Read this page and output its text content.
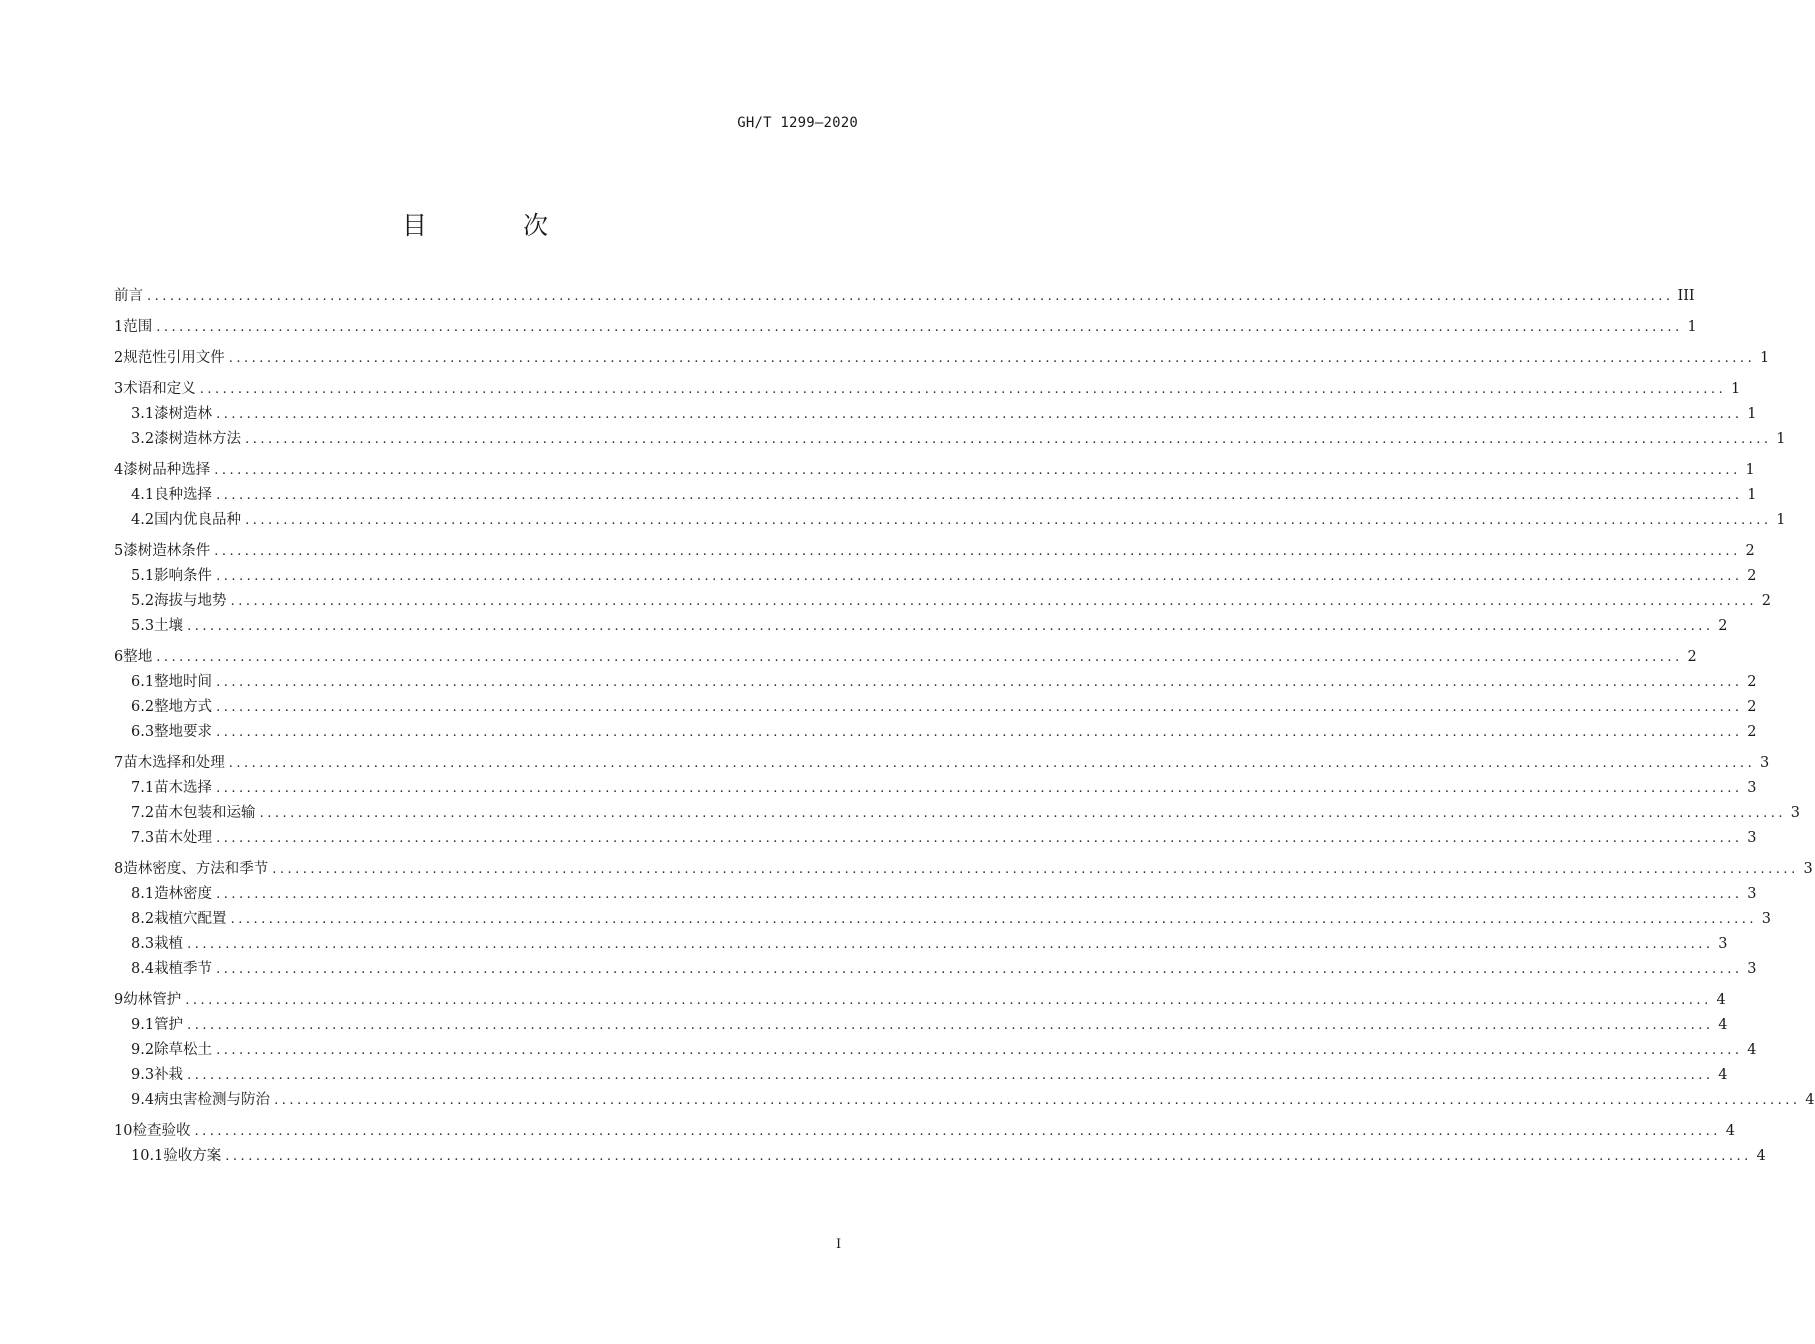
GH/T 1299—2020
目 次
前言 ........................................................................................................................................................................................................ III
1 范围 ........................................................................................................................................................................................................ 1
2 规范性引用文件 ........................................................................................................................................................................................................ 1
3 术语和定义 ........................................................................................................................................................................................................ 1
3.1 漆树造林 ........................................................................................................................................................................................................ 1
3.2 漆树造林方法 ........................................................................................................................................................................................................ 1
4 漆树品种选择 ........................................................................................................................................................................................................ 1
4.1 良种选择 ........................................................................................................................................................................................................ 1
4.2 国内优良品种 ........................................................................................................................................................................................................ 1
5 漆树造林条件 ........................................................................................................................................................................................................ 2
5.1 影响条件 ........................................................................................................................................................................................................ 2
5.2 海拔与地势 ........................................................................................................................................................................................................ 2
5.3 土壤 ........................................................................................................................................................................................................ 2
6 整地 ........................................................................................................................................................................................................ 2
6.1 整地时间 ........................................................................................................................................................................................................ 2
6.2 整地方式 ........................................................................................................................................................................................................ 2
6.3 整地要求 ........................................................................................................................................................................................................ 2
7 苗木选择和处理 ........................................................................................................................................................................................................ 3
7.1 苗木选择 ........................................................................................................................................................................................................ 3
7.2 苗木包装和运输 ........................................................................................................................................................................................................ 3
7.3 苗木处理 ........................................................................................................................................................................................................ 3
8 造林密度、方法和季节 ........................................................................................................................................................................................................ 3
8.1 造林密度 ........................................................................................................................................................................................................ 3
8.2 栽植穴配置 ........................................................................................................................................................................................................ 3
8.3 栽植 ........................................................................................................................................................................................................ 3
8.4 栽植季节 ........................................................................................................................................................................................................ 3
9 幼林管护 ........................................................................................................................................................................................................ 4
9.1 管护 ........................................................................................................................................................................................................ 4
9.2 除草松土 ........................................................................................................................................................................................................ 4
9.3 补栽 ........................................................................................................................................................................................................ 4
9.4 病虫害检测与防治 ........................................................................................................................................................................................................ 4
10 检查验收 ........................................................................................................................................................................................................ 4
10.1 验收方案 ........................................................................................................................................................................................................ 4
I
